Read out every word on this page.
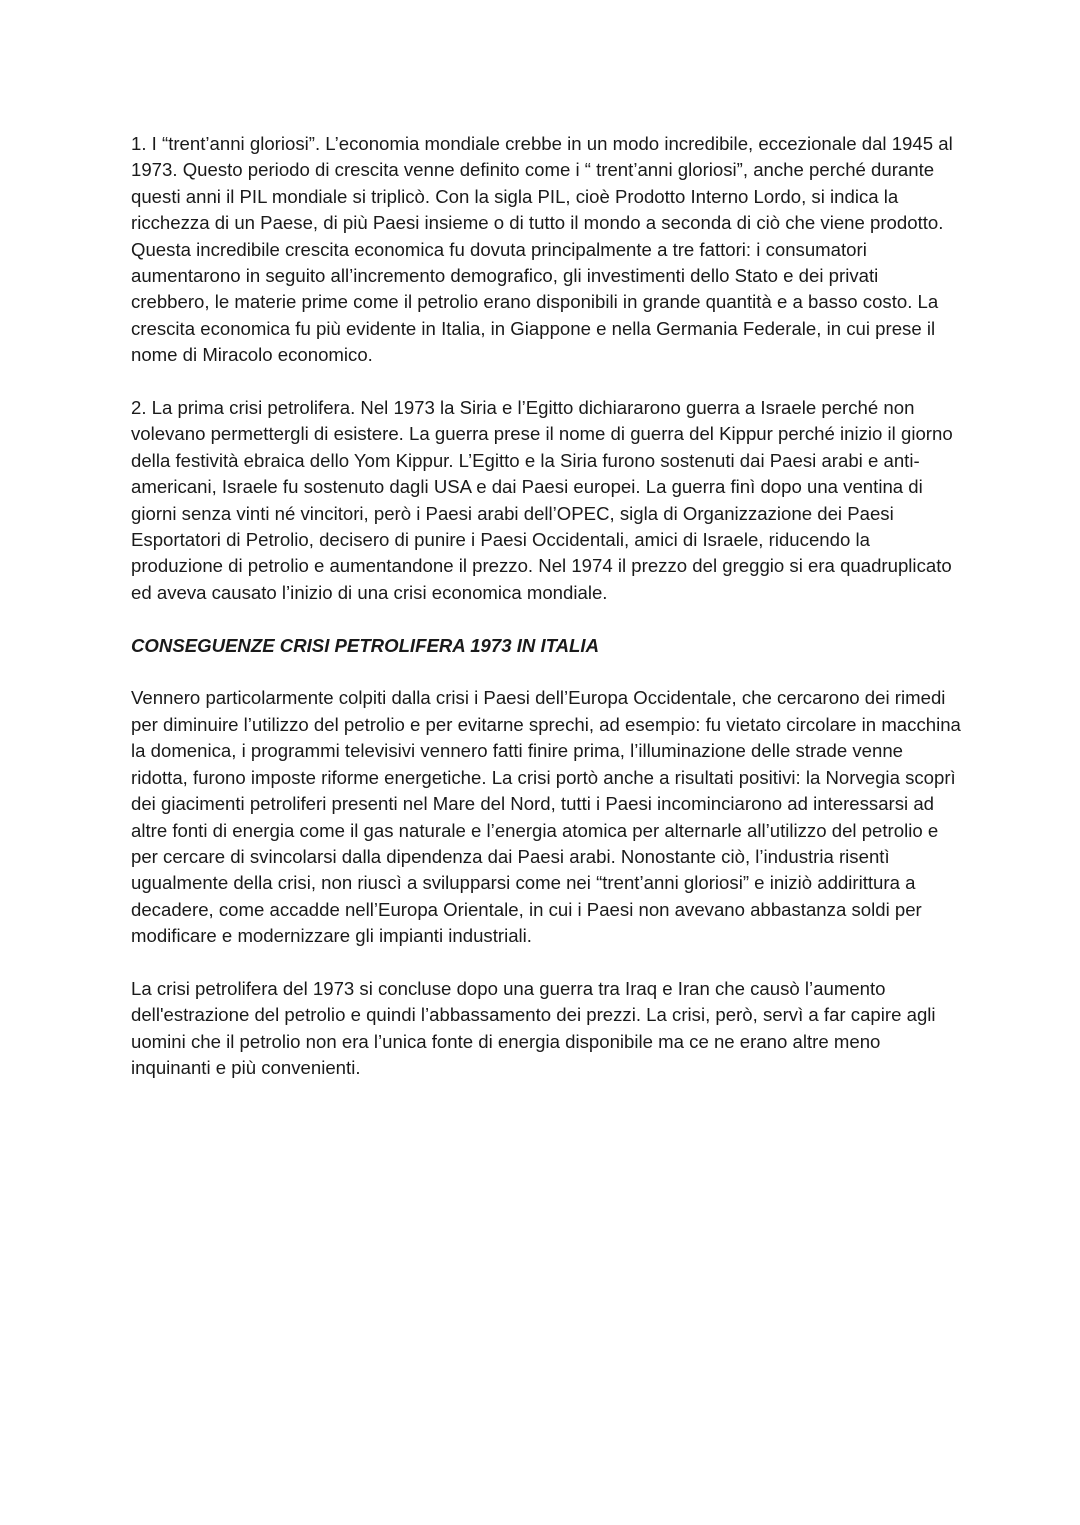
1. I “trent’anni gloriosi”. L’economia mondiale crebbe in un modo incredibile, eccezionale dal 1945 al 1973. Questo periodo di crescita venne definito come i “ trent’anni gloriosi”, anche perché durante questi anni il PIL mondiale si triplicò. Con la sigla PIL, cioè Prodotto Interno Lordo, si indica la ricchezza di un Paese, di più Paesi insieme o di tutto il mondo a seconda di ciò che viene prodotto.

Questa incredibile crescita economica fu dovuta principalmente a tre fattori: i consumatori aumentarono in seguito all’incremento demografico, gli investimenti dello Stato e dei privati crebbero, le materie prime come il petrolio erano disponibili in grande quantità e a basso costo. La crescita economica fu più evidente in Italia, in Giappone e nella Germania Federale, in cui prese il nome di Miracolo economico.

2. La prima crisi petrolifera. Nel 1973 la Siria e l’Egitto dichiararono guerra a Israele perché non volevano permettergli di esistere. La guerra prese il nome di guerra del Kippur perché inizio il giorno della festività ebraica dello Yom Kippur. L’Egitto e la Siria furono sostenuti dai Paesi arabi e anti-americani, Israele fu sostenuto dagli USA e dai Paesi europei. La guerra finì dopo una ventina di giorni senza vinti né vincitori, però i Paesi arabi dell’OPEC, sigla di Organizzazione dei Paesi Esportatori di Petrolio, decisero di punire i Paesi Occidentali, amici di Israele, riducendo la produzione di petrolio e aumentandone il prezzo. Nel 1974 il prezzo del greggio si era quadruplicato ed aveva causato l’inizio di una crisi economica mondiale.

CONSEGUENZE CRISI PETROLIFERA 1973 IN ITALIA

Vennero particolarmente colpiti dalla crisi i Paesi dell’Europa Occidentale, che cercarono dei rimedi per diminuire l’utilizzo del petrolio e per evitarne sprechi, ad esempio: fu vietato circolare in macchina la domenica, i programmi televisivi vennero fatti finire prima, l’illuminazione delle strade venne ridotta, furono imposte riforme energetiche. La crisi portò anche a risultati positivi: la Norvegia scoprì dei giacimenti petroliferi presenti nel Mare del Nord, tutti i Paesi incominciarono ad interessarsi ad altre fonti di energia come il gas naturale e l’energia atomica per alternarle all’utilizzo del petrolio e per cercare di svincolarsi dalla dipendenza dai Paesi arabi. Nonostante ciò, l’industria risentì ugualmente della crisi, non riuscì a svilupparsi come nei “trent’anni gloriosi” e iniziò addirittura a decadere, come accadde nell’Europa Orientale, in cui i Paesi non avevano abbastanza soldi per modificare e modernizzare gli impianti industriali.

La crisi petrolifera del 1973 si concluse dopo una guerra tra Iraq e Iran che causò l’aumento dell'estrazione del petrolio e quindi l’abbassamento dei prezzi. La crisi, però, servì a far capire agli uomini che il petrolio non era l’unica fonte di energia disponibile ma ce ne erano altre meno inquinanti e più convenienti.
